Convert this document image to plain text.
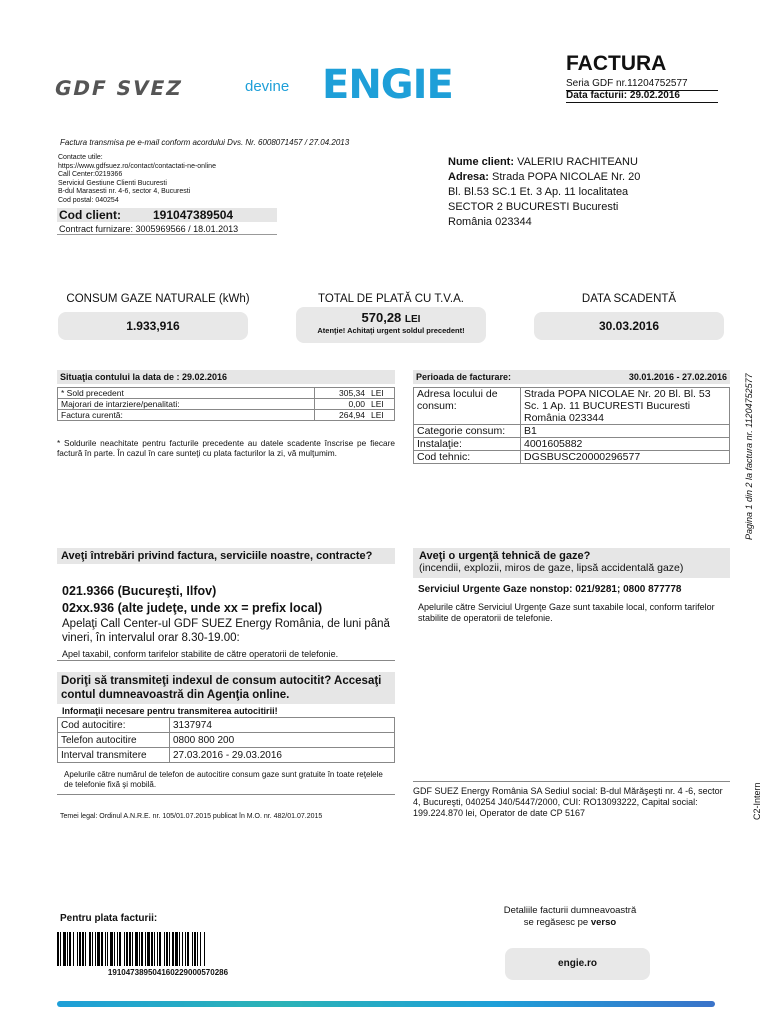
GDF SVEZ	devine ENGIE	FACTURA
Seria GDF nr.11204752577
Data facturii: 29.02.2016
Factura transmisa pe e-mail conform acordului Dvs. Nr. 6008071457 / 27.04.2013
Contacte utile:
https://www.gdfsuez.ro/contact/contactati-ne-online
Call Center:0219366
Serviciul Gestiune Clienti Bucuresti
B-dul Marasesti nr. 4-6, sector 4, Bucuresti
Cod postal: 040254
Cod client:	191047389504
Contract furnizare: 3005969566 / 18.01.2013
Nume client: VALERIU RACHITEANU
Adresa: Strada POPA NICOLAE Nr. 20
Bl. Bl.53 SC.1 Et. 3 Ap. 11 localitatea
SECTOR 2 BUCURESTI Bucuresti
România 023344
CONSUM GAZE NATURALE (kWh)
1.933,916
TOTAL DE PLATĂ CU T.V.A.
570,28 LEI
Atenţie! Achitaţi urgent soldul precedent!
DATA SCADENTĂ
30.03.2016
Situaţia contului la data de : 29.02.2016
* Sold precedent	305,34	LEI
Majorari de intarziere/penalitati:	0,00	LEI
Factura curentă:	264,94	LEI
* Soldurile neachitate pentru facturile precedente au datele scadente înscrise pe fiecare factură în parte. În cazul în care sunteţi cu plata facturilor la zi, vă mulţumim.
Perioada de facturare:	30.01.2016 - 27.02.2016
Adresa locului de consum:	Strada POPA NICOLAE Nr. 20 Bl. Bl. 53 Sc. 1 Ap. 11 BUCURESTI Bucuresti România 023344
Categorie consum:	B1
Instalaţie:	4001605882
Cod tehnic:	DGSBUSC20000296577
Aveţi întrebări privind factura, serviciile noastre, contracte?
021.9366 (Bucureşti, Ilfov)
02xx.936 (alte judeţe, unde xx = prefix local)
Apelaţi Call Center-ul GDF SUEZ Energy România, de luni până vineri, în intervalul orar 8.30-19.00:
Apel taxabil, conform tarifelor stabilite de către operatorii de telefonie.
Doriţi să transmiteţi indexul de consum autocitit? Accesaţi contul dumneavoastră din Agenţia online.
Informaţii necesare pentru transmiterea autocitirii!
Cod autocitire:	3137974
Telefon autocitire	0800 800 200
Interval transmitere	27.03.2016 - 29.03.2016
Apelurile către numărul de telefon de autocitire consum gaze sunt gratuite în toate reţelele de telefonie fixă şi mobilă.
Temei legal: Ordinul A.N.R.E. nr. 105/01.07.2015 publicat în M.O. nr. 482/01.07.2015
Aveţi o urgenţă tehnică de gaze?
(incendii, explozii, miros de gaze, lipsă accidentală gaze)
Serviciul Urgente Gaze nonstop: 021/9281; 0800 877778
Apelurile către Serviciul Urgenţe Gaze sunt taxabile local, conform tarifelor stabilite de operatorii de telefonie.
GDF SUEZ Energy România SA Sediul social: B-dul Mărăşeşti nr. 4 -6, sector 4, Bucureşti, 040254 J40/5447/2000, CUI: RO13093222, Capital social: 199.224.870 lei, Operator de date CP 5167
Pagina 1 din 2 la factura nr. 11204752577
C2-Intern
Pentru plata facturii:
191047389504160229000570286
Detaliile facturii dumneavoastră
se regăsesc pe verso
engie.ro
